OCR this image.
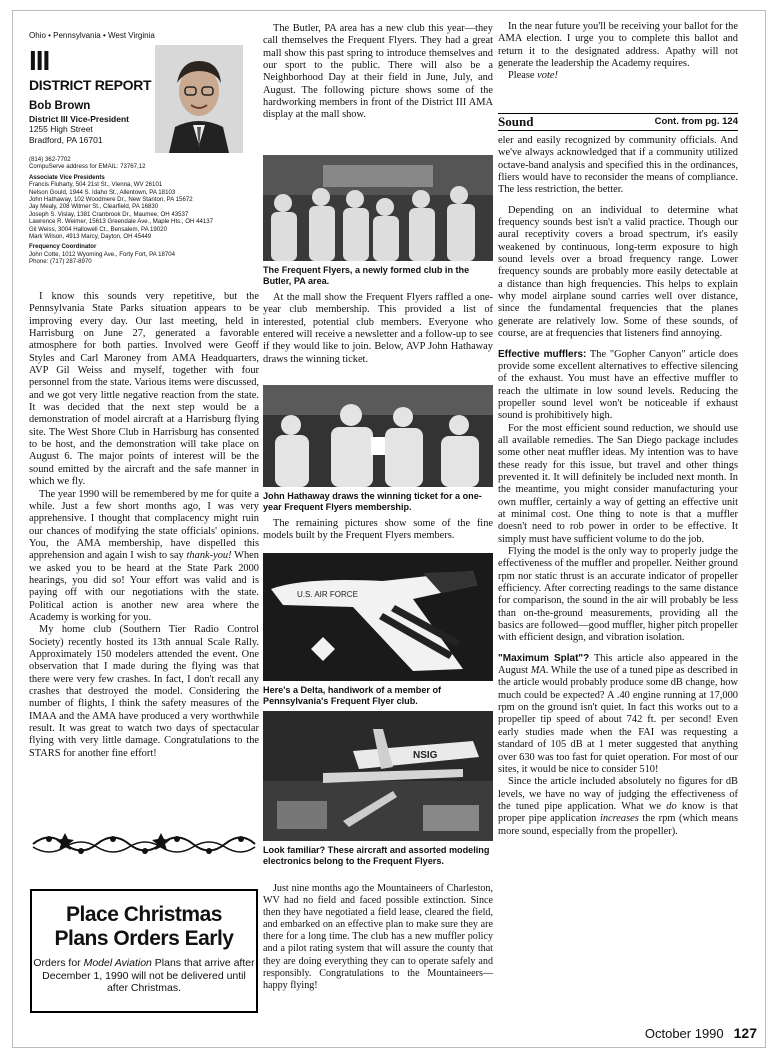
Ohio • Pennsylvania • West Virginia
III
DISTRICT REPORT
Bob Brown
District III Vice-President
1255 High Street
Bradford, PA 16701
(814) 362-7702
CompuServe address for EMAIL: 73767,12
Associate Vice Presidents
Francis Fluharty, 504 21st St., Vienna, WV 26101
Nelson Gould, 1944 S. Idaho St., Allentown, PA 18103
John Hathaway, 102 Woodmere Dr., New Stanton, PA 15672
Jay Mealy, 208 Witmer St., Clearfield, PA 16830
Joseph S. Vislay, 1381 Cranbrook Dr., Maumee, OH 43537
Lawrence R. Weimer, 15613 Greendale Ave., Maple Hts., OH 44137
Gil Weiss, 3004 Hallowell Ct., Bensalem, PA 19020
Mark Wilson, 4913 Marcy, Dayton, OH 45449
Frequency Coordinator
John Cotte, 1012 Wyoming Ave., Forty Fort, PA 18704
Phone: (717) 287-8970

I know this sounds very repetitive, but the Pennsylvania State Parks situation appears to be improving every day. Our last meeting, held in Harrisburg on June 27, generated a favorable atmosphere for both parties. Involved were Geoff Styles and Carl Maroney from AMA Headquarters, AVP Gil Weiss and myself, together with four personnel from the state. Various items were discussed, and we got very little negative reaction from the state. It was decided that the next step would be a demonstration of model aircraft at a Harrisburg flying site. The West Shore Club in Harrisburg has consented to be host, and the demonstration will take place on August 6. The major points of interest will be the sound emitted by the aircraft and the safe manner in which we fly.

The year 1990 will be remembered by me for quite a while. Just a few short months ago, I was very apprehensive. I thought that complacency might ruin our chances of modifying the state officials' opinions. You, the AMA membership, have dispelled this apprehension and again I wish to say thank-you! When we asked you to be heard at the State Park 2000 hearings, you did so! Your effort was valid and is paying off with our negotiations with the state. Political action is another new area where the Academy is working for you.

My home club (Southern Tier Radio Control Society) recently hosted its 13th annual Scale Rally. Approximately 150 modelers attended the event. One observation that I made during the flying was that there were very few crashes. In fact, I don't recall any crashes that destroyed the model. Considering the number of flights, I think the safety measures of the IMAA and the AMA have produced a very worthwhile result. It was great to watch two days of spectacular flying with very little damage. Congratulations to the STARS for another fine effort!

Place Christmas
Plans Orders Early
Orders for Model Aviation Plans that arrive after December 1, 1990 will not be delivered until after Christmas.

The Butler, PA area has a new club this year—they call themselves the Frequent Flyers. They had a great mall show this past spring to introduce themselves and our sport to the public. There will also be a Neighborhood Day at their field in June, July, and August. The following picture shows some of the hardworking members in front of the District III AMA display at the mall show.

The Frequent Flyers, a newly formed club in the Butler, PA area.

At the mall show the Frequent Flyers raffled a one-year club membership. This provided a list of interested, potential club members. Everyone who entered will receive a newsletter and a follow-up to see if they would like to join. Below, AVP John Hathaway draws the winning ticket.

John Hathaway draws the winning ticket for a one-year Frequent Flyers membership.

The remaining pictures show some of the fine models built by the Frequent Flyers members.

U.S. AIR FORCE
Here's a Delta, handiwork of a member of Pennsylvania's Frequent Flyer club.
NSIG
Look familiar? These aircraft and assorted modeling electronics belong to the Frequent Flyers.

Just nine months ago the Mountaineers of Charleston, WV had no field and faced possible extinction. Since then they have negotiated a field lease, cleared the field, and embarked on an effective plan to make sure they are there for a long time. The club has a new muffler policy and a pilot rating system that will assure the county that they are doing everything they can to operate safely and responsibly. Congratulations to the Mountaineers—happy flying!

In the near future you'll be receiving your ballot for the AMA election. I urge you to complete this ballot and return it to the designated address. Apathy will not generate the leadership the Academy requires.

Please vote!

Sound	Cont. from pg. 124

eler and easily recognized by community officials. And we've always acknowledged that if a community utilized octave-band analysis and specified this in the ordinances, fliers would have to reconsider the means of compliance. The less restriction, the better.

Depending on an individual to determine what frequency sounds best isn't a valid practice. Though our aural receptivity covers a broad spectrum, it's easily weakened by continuous, long-term exposure to high sound levels over a broad frequency range. Lower frequency sounds are probably more easily detectable at a distance than high frequencies. This helps to explain why model airplane sound carries well over distance, since the fundamental frequencies that the planes generate are relatively low. Some of these sounds, of course, are at frequencies that listeners find annoying.

Effective mufflers: The "Gopher Canyon" article does provide some excellent alternatives to effective silencing of the exhaust. You must have an effective muffler to reach the ultimate in low sound levels. Reducing the propeller sound level won't be noticeable if exhaust sound is prohibitively high.

For the most efficient sound reduction, we should use all available remedies. The San Diego package includes some other neat muffler ideas. My intention was to have these ready for this issue, but travel and other things prevented it. It will definitely be included next month. In the meantime, you might consider manufacturing your own muffler, certainly a way of getting an effective unit at minimal cost. One thing to note is that a muffler doesn't need to rob power in order to be effective. It simply must have sufficient volume to do the job.

Flying the model is the only way to properly judge the effectiveness of the muffler and propeller. Neither ground rpm nor static thrust is an accurate indicator of propeller efficiency. After correcting readings to the same distance for comparison, the sound in the air will probably be less than on-the-ground measurements, providing all the basics are followed—good muffler, higher pitch propeller with efficient design, and vibration isolation.

"Maximum Splat"? This article also appeared in the August MA. While the use of a tuned pipe as described in the article would probably produce some dB change, how much could be expected? A .40 engine running at 17,000 rpm on the ground isn't quiet. In fact this works out to a propeller tip speed of about 742 ft. per second! Even early studies made when the FAI was requesting a standard of 105 dB at 1 meter suggested that anything over 630 was too fast for quiet operation. For most of our sites, it would be nice to consider 510!

Since the article included absolutely no figures for dB levels, we have no way of judging the effectiveness of the tuned pipe application. What we do know is that proper pipe application increases the rpm (which means more sound, especially from the propeller).

October 1990 127
